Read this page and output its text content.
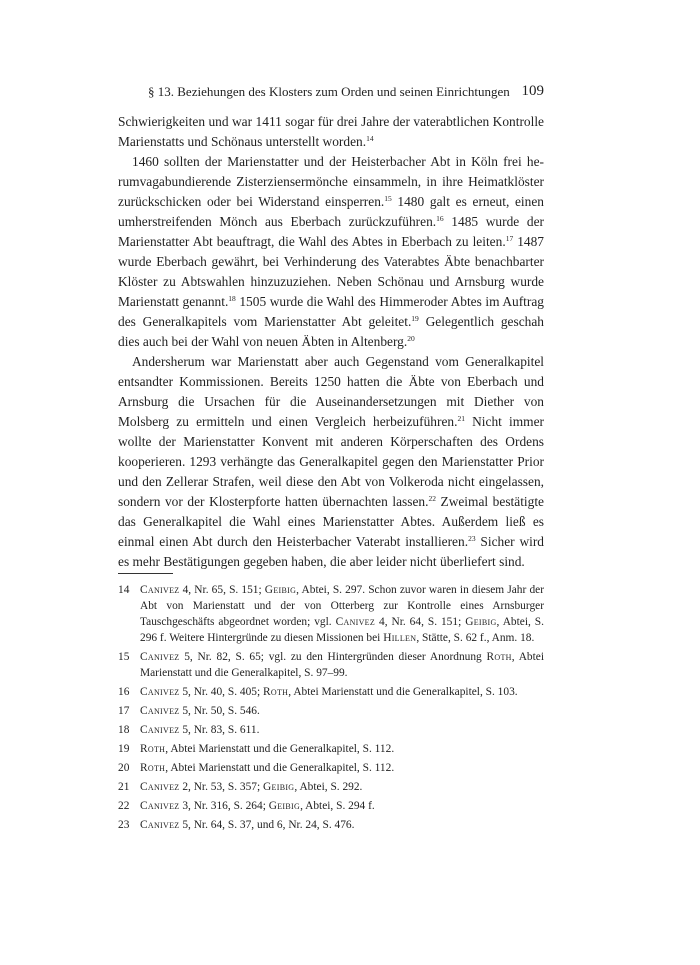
§ 13. Beziehungen des Klosters zum Orden und seinen Einrichtungen 109

Schwierigkeiten und war 1411 sogar für drei Jahre der vaterabtlichen Kontrolle Marienstatts und Schönaus unterstellt worden.$^{14}$

1460 sollten der Marienstatter und der Heisterbacher Abt in Köln frei herumvagabundierende Zisterziensermönche einsammeln, in ihre Heimatklöster zurückschicken oder bei Widerstand einsperren.$^{15}$ 1480 galt es erneut, einen umherstreifenden Mönch aus Eberbach zurückzuführen.$^{16}$ 1485 wurde der Marienstatter Abt beauftragt, die Wahl des Abtes in Eberbach zu leiten.$^{17}$ 1487 wurde Eberbach gewährt, bei Verhinderung des Vaterabtes Äbte benachbarter Klöster zu Abtswahlen hinzuzuziehen. Neben Schönau und Arnsburg wurde Marienstatt genannt.$^{18}$ 1505 wurde die Wahl des Himmeroder Abtes im Auftrag des Generalkapitels vom Marienstatter Abt geleitet.$^{19}$ Gelegentlich geschah dies auch bei der Wahl von neuen Äbten in Altenberg.$^{20}$

Andersherum war Marienstatt aber auch Gegenstand vom Generalkapitel entsandter Kommissionen. Bereits 1250 hatten die Äbte von Eberbach und Arnsburg die Ursachen für die Auseinandersetzungen mit Diether von Molsberg zu ermitteln und einen Vergleich herbeizuführen.$^{21}$ Nicht immer wollte der Marienstatter Konvent mit anderen Körperschaften des Ordens kooperieren. 1293 verhängte das Generalkapitel gegen den Marienstatter Prior und den Zellerar Strafen, weil diese den Abt von Volkeroda nicht eingelassen, sondern vor der Klosterpforte hatten übernachten lassen.$^{22}$ Zweimal bestätigte das Generalkapitel die Wahl eines Marienstatter Abtes. Außerdem ließ es einmal einen Abt durch den Heisterbacher Vaterabt installieren.$^{23}$ Sicher wird es mehr Bestätigungen gegeben haben, die aber leider nicht überliefert sind.

14 Canivez 4, Nr. 65, S. 151; Geibig, Abtei, S. 297. Schon zuvor waren in diesem Jahr der Abt von Marienstatt und der von Otterberg zur Kontrolle eines Arnsburger Tauschgeschäfts abgeordnet worden; vgl. Canivez 4, Nr. 64, S. 151; Geibig, Abtei, S. 296 f. Weitere Hintergründe zu diesen Missionen bei Hillen, Stätte, S. 62 f., Anm. 18.
15 Canivez 5, Nr. 82, S. 65; vgl. zu den Hintergründen dieser Anordnung Roth, Abtei Marienstatt und die Generalkapitel, S. 97–99.
16 Canivez 5, Nr. 40, S. 405; Roth, Abtei Marienstatt und die Generalkapitel, S. 103.
17 Canivez 5, Nr. 50, S. 546.
18 Canivez 5, Nr. 83, S. 611.
19 Roth, Abtei Marienstatt und die Generalkapitel, S. 112.
20 Roth, Abtei Marienstatt und die Generalkapitel, S. 112.
21 Canivez 2, Nr. 53, S. 357; Geibig, Abtei, S. 292.
22 Canivez 3, Nr. 316, S. 264; Geibig, Abtei, S. 294 f.
23 Canivez 5, Nr. 64, S. 37, und 6, Nr. 24, S. 476.
